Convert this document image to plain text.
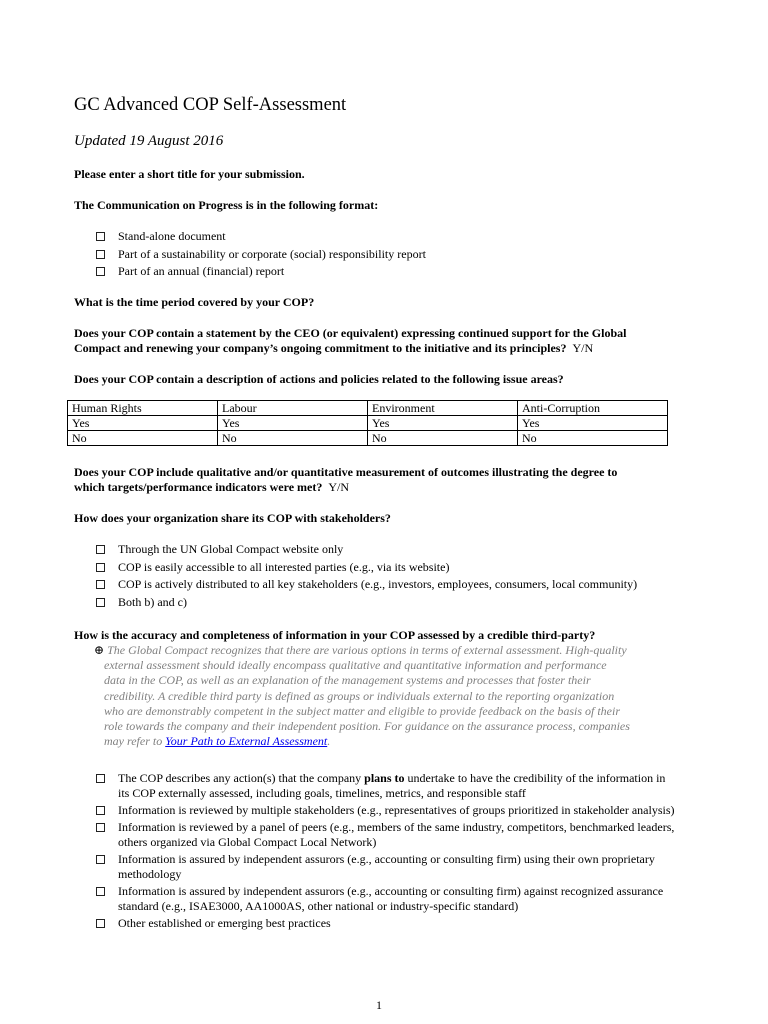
GC Advanced COP Self-Assessment
Updated 19 August 2016
Please enter a short title for your submission.
The Communication on Progress is in the following format:
Stand-alone document
Part of a sustainability or corporate (social) responsibility report
Part of an annual (financial) report
What is the time period covered by your COP?
Does your COP contain a statement by the CEO (or equivalent) expressing continued support for the Global
Compact and renewing your company’s ongoing commitment to the initiative and its principles? Y/N
Does your COP contain a description of actions and policies related to the following issue areas?
Human Rights	Labour	Environment	Anti-Corruption
Yes	Yes	Yes	Yes
No	No	No	No
Does your COP include qualitative and/or quantitative measurement of outcomes illustrating the degree to
which targets/performance indicators were met? Y/N
How does your organization share its COP with stakeholders?
Through the UN Global Compact website only
COP is easily accessible to all interested parties (e.g., via its website)
COP is actively distributed to all key stakeholders (e.g., investors, employees, consumers, local community)
Both b) and c)
How is the accuracy and completeness of information in your COP assessed by a credible third-party?
⊕ The Global Compact recognizes that there are various options in terms of external assessment. High-quality
external assessment should ideally encompass qualitative and quantitative information and performance
data in the COP, as well as an explanation of the management systems and processes that foster their
credibility. A credible third party is defined as groups or individuals external to the reporting organization
who are demonstrably competent in the subject matter and eligible to provide feedback on the basis of their
role towards the company and their independent position. For guidance on the assurance process, companies
may refer to Your Path to External Assessment.
The COP describes any action(s) that the company plans to undertake to have the credibility of the information in its COP externally assessed, including goals, timelines, metrics, and responsible staff
Information is reviewed by multiple stakeholders (e.g., representatives of groups prioritized in stakeholder analysis)
Information is reviewed by a panel of peers (e.g., members of the same industry, competitors, benchmarked leaders, others organized via Global Compact Local Network)
Information is assured by independent assurors (e.g., accounting or consulting firm) using their own proprietary methodology
Information is assured by independent assurors (e.g., accounting or consulting firm) against recognized assurance standard (e.g., ISAE3000, AA1000AS, other national or industry-specific standard)
Other established or emerging best practices
1
